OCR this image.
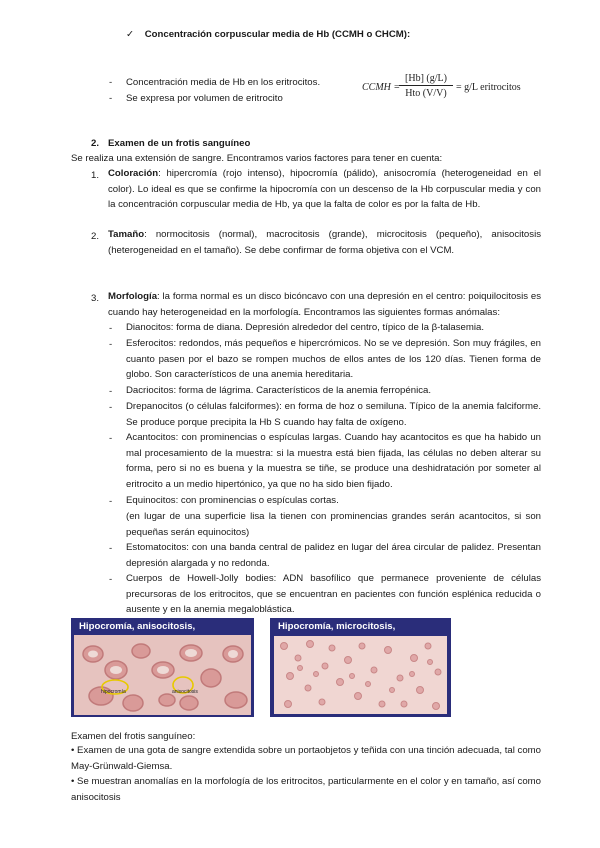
✓ Concentración corpuscular media de Hb (CCMH o CHCM):
- Concentración media de Hb en los eritrocitos.
- Se expresa por volumen de eritrocito
CCMH =
[Hb] (g/L)
Hto (V/V)
= g/L eritrocitos
2. Examen de un frotis sanguíneo
Se realiza una extensión de sangre. Encontramos varios factores para tener en cuenta:
1. Coloración: hipercromía (rojo intenso), hipocromía (pálido), anisocromía (heterogeneidad en el color). Lo ideal es que se confirme la hipocromía con un descenso de la Hb corpuscular media y con la concentración corpuscular media de Hb, ya que la falta de color es por la falta de Hb.
2. Tamaño: normocitosis (normal), macrocitosis (grande), microcitosis (pequeño), anisocitosis (heterogeneidad en el tamaño). Se debe confirmar de forma objetiva con el VCM.
3. Morfología: la forma normal es un disco bicóncavo con una depresión en el centro: poiquilocitosis es cuando hay heterogeneidad en la morfología. Encontramos las siguientes formas anómalas:
- Dianocitos: forma de diana. Depresión alrededor del centro, típico de la β-talasemia.
- Esferocitos: redondos, más pequeños e hipercrómicos. No se ve depresión. Son muy frágiles, en cuanto pasen por el bazo se rompen muchos de ellos antes de los 120 días. Tienen forma de globo. Son característicos de una anemia hereditaria.
- Dacriocitos: forma de lágrima. Característicos de la anemia ferropénica.
- Drepanocitos (o células falciformes): en forma de hoz o semiluna. Típico de la anemia falciforme. Se produce porque precipita la Hb S cuando hay falta de oxígeno.
- Acantocitos: con prominencias o espículas largas. Cuando hay acantocitos es que ha habido un mal procesamiento de la muestra: si la muestra está bien fijada, las células no deben alterar su forma, pero si no es buena y la muestra se tiñe, se produce una deshidratación por someter al eritrocito a un medio hipertónico, ya que no ha sido bien fijado.
- Equinocitos: con prominencias o espículas cortas.
(en lugar de una superficie lisa la tienen con prominencias grandes serán acantocitos, si son pequeñas serán equinocitos)
- Estomatocitos: con una banda central de palidez en lugar del área circular de palidez. Presentan depresión alargada y no redonda.
- Cuerpos de Howell-Jolly bodies: ADN basofílico que permanece proveniente de células precursoras de los eritrocitos, que se encuentran en pacientes con función esplénica reducida o ausente y en la anemia megaloblástica.
Hipocromía, anisocitosis,
hipocromía	anisocitosis
Hipocromía, microcitosis,
Examen del frotis sanguíneo:
• Examen de una gota de sangre extendida sobre un portaobjetos y teñida con una tinción adecuada, tal como May-Grünwald-Giemsa.
• Se muestran anomalías en la morfología de los eritrocitos, particularmente en el color y en tamaño, así como anisocitosis
